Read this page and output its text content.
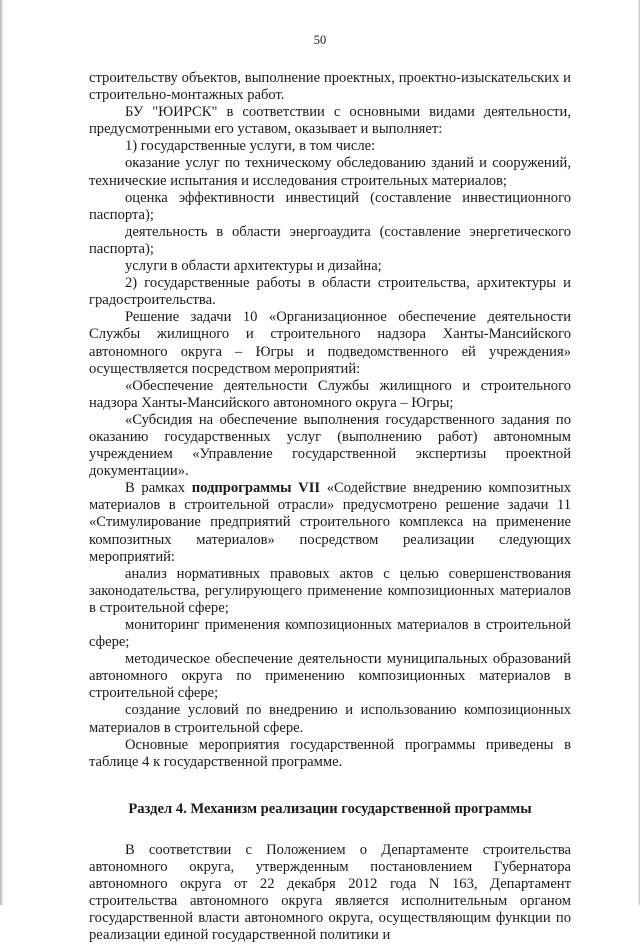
50

строительству объектов, выполнение проектных, проектно-изыскательских и строительно-монтажных работ.

БУ "ЮИРСК" в соответствии с основными видами деятельности, предусмотренными его уставом, оказывает и выполняет:

1) государственные услуги, в том числе:

оказание услуг по техническому обследованию зданий и сооружений, технические испытания и исследования строительных материалов;

оценка эффективности инвестиций (составление инвестиционного паспорта);

деятельность в области энергоаудита (составление энергетического паспорта);

услуги в области архитектуры и дизайна;

2) государственные работы в области строительства, архитектуры и градостроительства.

Решение задачи 10 «Организационное обеспечение деятельности Службы жилищного и строительного надзора Ханты-Мансийского автономного округа – Югры и подведомственного ей учреждения» осуществляется посредством мероприятий:

«Обеспечение деятельности Службы жилищного и строительного надзора Ханты-Мансийского автономного округа – Югры;

«Субсидия на обеспечение выполнения государственного задания по оказанию государственных услуг (выполнению работ) автономным учреждением «Управление государственной экспертизы проектной документации».

В рамках подпрограммы VII «Содействие внедрению композитных материалов в строительной отрасли» предусмотрено решение задачи 11 «Стимулирование предприятий строительного комплекса на применение композитных материалов» посредством реализации следующих мероприятий:

анализ нормативных правовых актов с целью совершенствования законодательства, регулирующего применение композиционных материалов в строительной сфере;

мониторинг применения композиционных материалов в строительной сфере;

методическое обеспечение деятельности муниципальных образований автономного округа по применению композиционных материалов в строительной сфере;

создание условий по внедрению и использованию композиционных материалов в строительной сфере.

Основные мероприятия государственной программы приведены в таблице 4 к государственной программе.

Раздел 4. Механизм реализации государственной программы

В соответствии с Положением о Департаменте строительства автономного округа, утвержденным постановлением Губернатора автономного округа от 22 декабря 2012 года N 163, Департамент строительства автономного округа является исполнительным органом государственной власти автономного округа, осуществляющим функции по реализации единой государственной политики и
